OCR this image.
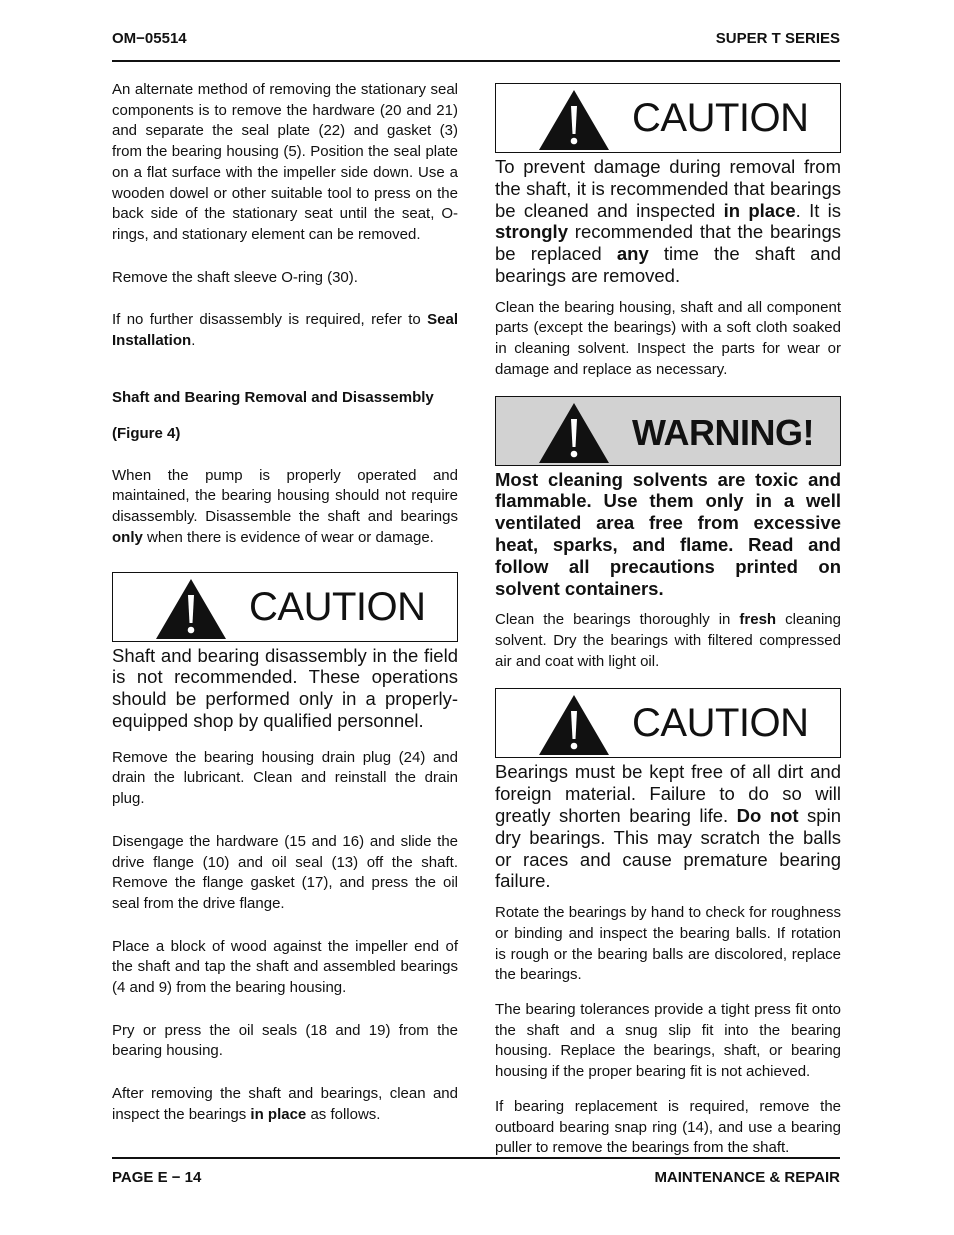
OM−05514	SUPER T SERIES

An alternate method of removing the stationary seal components is to remove the hardware (20 and 21) and separate the seal plate (22) and gasket (3) from the bearing housing (5). Position the seal plate on a flat surface with the impeller side down. Use a wooden dowel or other suitable tool to press on the back side of the stationary seat until the seat, O-rings, and stationary element can be removed.

Remove the shaft sleeve O-ring (30).

If no further disassembly is required, refer to Seal Installation.

Shaft and Bearing Removal and Disassembly

(Figure 4)

When the pump is properly operated and maintained, the bearing housing should not require disassembly. Disassemble the shaft and bearings only when there is evidence of wear or damage.

CAUTION

Shaft and bearing disassembly in the field is not recommended. These operations should be performed only in a properly-equipped shop by qualified personnel.

Remove the bearing housing drain plug (24) and drain the lubricant. Clean and reinstall the drain plug.

Disengage the hardware (15 and 16) and slide the drive flange (10) and oil seal (13) off the shaft. Remove the flange gasket (17), and press the oil seal from the drive flange.

Place a block of wood against the impeller end of the shaft and tap the shaft and assembled bearings (4 and 9) from the bearing housing.

Pry or press the oil seals (18 and 19) from the bearing housing.

After removing the shaft and bearings, clean and inspect the bearings in place as follows.

CAUTION

To prevent damage during removal from the shaft, it is recommended that bearings be cleaned and inspected in place. It is strongly recommended that the bearings be replaced any time the shaft and bearings are removed.

Clean the bearing housing, shaft and all component parts (except the bearings) with a soft cloth soaked in cleaning solvent. Inspect the parts for wear or damage and replace as necessary.

WARNING!

Most cleaning solvents are toxic and flammable. Use them only in a well ventilated area free from excessive heat, sparks, and flame. Read and follow all precautions printed on solvent containers.

Clean the bearings thoroughly in fresh cleaning solvent. Dry the bearings with filtered compressed air and coat with light oil.

CAUTION

Bearings must be kept free of all dirt and foreign material. Failure to do so will greatly shorten bearing life. Do not spin dry bearings. This may scratch the balls or races and cause premature bearing failure.

Rotate the bearings by hand to check for roughness or binding and inspect the bearing balls. If rotation is rough or the bearing balls are discolored, replace the bearings.

The bearing tolerances provide a tight press fit onto the shaft and a snug slip fit into the bearing housing. Replace the bearings, shaft, or bearing housing if the proper bearing fit is not achieved.

If bearing replacement is required, remove the outboard bearing snap ring (14), and use a bearing puller to remove the bearings from the shaft.

PAGE E − 14	MAINTENANCE & REPAIR
